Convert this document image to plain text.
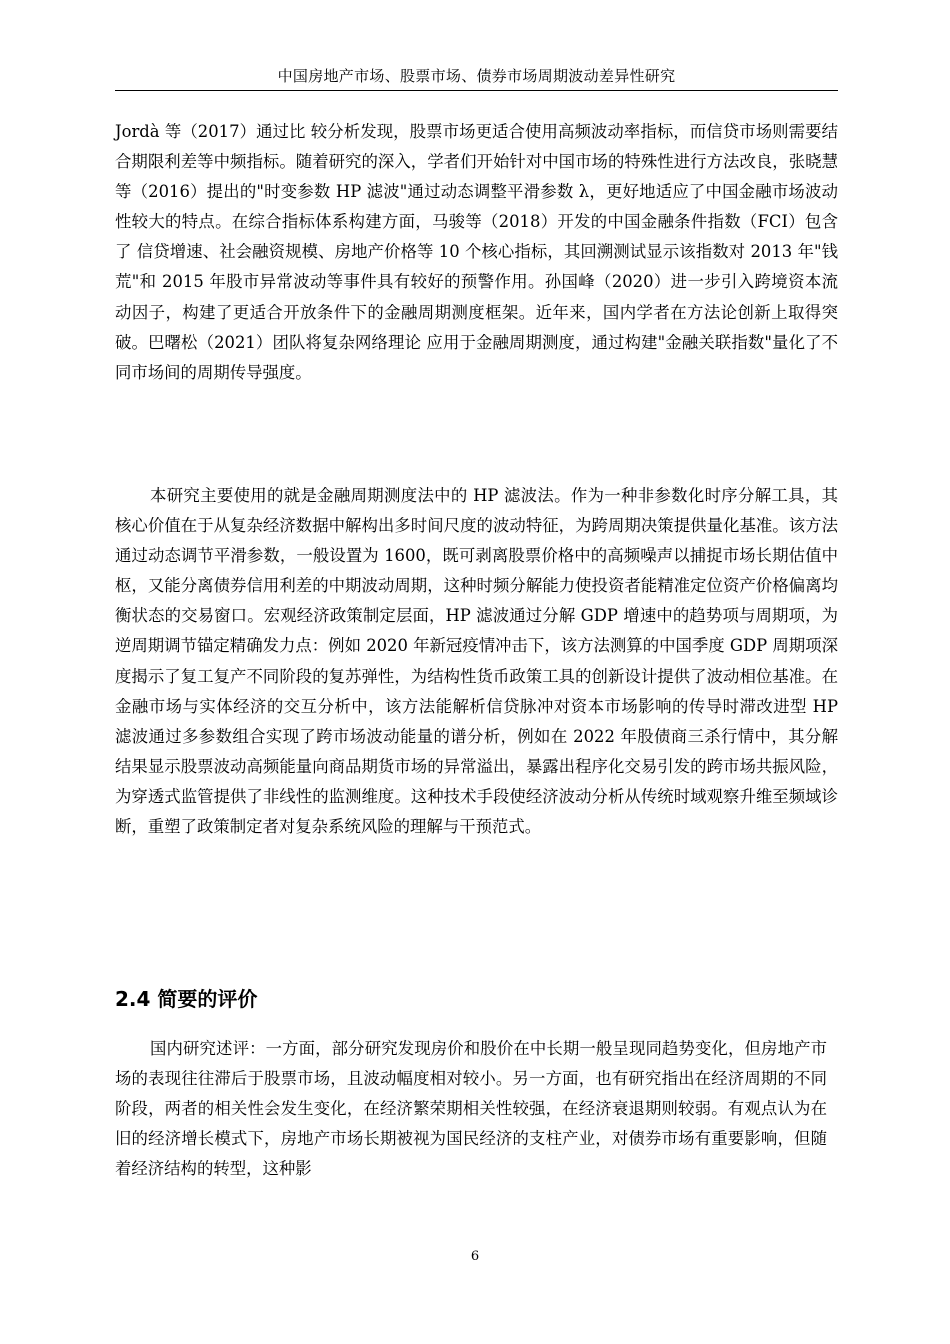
中国房地产市场、股票市场、债券市场周期波动差异性研究

Jordà 等（2017）通过比 较分析发现，股票市场更适合使用高频波动率指标，而信贷市场则需要结合期限利差等中频指标。随着研究的深入，学者们开始针对中国市场的特殊性进行方法改良，张晓慧等（2016）提出的"时变参数 HP 滤波"通过动态调整平滑参数 λ，更好地适应了中国金融市场波动性较大的特点。在综合指标体系构建方面，马骏等（2018）开发的中国金融条件指数（FCI）包含了 信贷增速、社会融资规模、房地产价格等 10 个核心指标，其回溯测试显示该指数对 2013 年"钱荒"和 2015 年股市异常波动等事件具有较好的预警作用。孙国峰（2020）进一步引入跨境资本流动因子，构建了更适合开放条件下的金融周期测度框架。近年来，国内学者在方法论创新上取得突破。巴曙松（2021）团队将复杂网络理论 应用于金融周期测度，通过构建"金融关联指数"量化了不同市场间的周期传导强度。

本研究主要使用的就是金融周期测度法中的 HP 滤波法。作为一种非参数化时序分解工具，其核心价值在于从复杂经济数据中解构出多时间尺度的波动特征，为跨周期决策提供量化基准。该方法通过动态调节平滑参数，一般设置为 1600，既可剥离股票价格中的高频噪声以捕捉市场长期估值中枢，又能分离债券信用利差的中期波动周期，这种时频分解能力使投资者能精准定位资产价格偏离均衡状态的交易窗口。宏观经济政策制定层面，HP 滤波通过分解 GDP 增速中的趋势项与周期项，为逆周期调节锚定精确发力点：例如 2020 年新冠疫情冲击下，该方法测算的中国季度 GDP 周期项深度揭示了复工复产不同阶段的复苏弹性，为结构性货币政策工具的创新设计提供了波动相位基准。在金融市场与实体经济的交互分析中，该方法能解析信贷脉冲对资本市场影响的传导时滞改进型 HP 滤波通过多参数组合实现了跨市场波动能量的谱分析，例如在 2022 年股债商三杀行情中，其分解结果显示股票波动高频能量向商品期货市场的异常溢出，暴露出程序化交易引发的跨市场共振风险，为穿透式监管提供了非线性的监测维度。这种技术手段使经济波动分析从传统时域观察升维至频域诊断，重塑了政策制定者对复杂系统风险的理解与干预范式。

2.4 简要的评价

国内研究述评：一方面，部分研究发现房价和股价在中长期一般呈现同趋势变化，但房地产市场的表现往往滞后于股票市场，且波动幅度相对较小。另一方面，也有研究指出在经济周期的不同阶段，两者的相关性会发生变化，在经济繁荣期相关性较强，在经济衰退期则较弱。有观点认为在旧的经济增长模式下，房地产市场长期被视为国民经济的支柱产业，对债券市场有重要影响，但随着经济结构的转型，这种影

6
